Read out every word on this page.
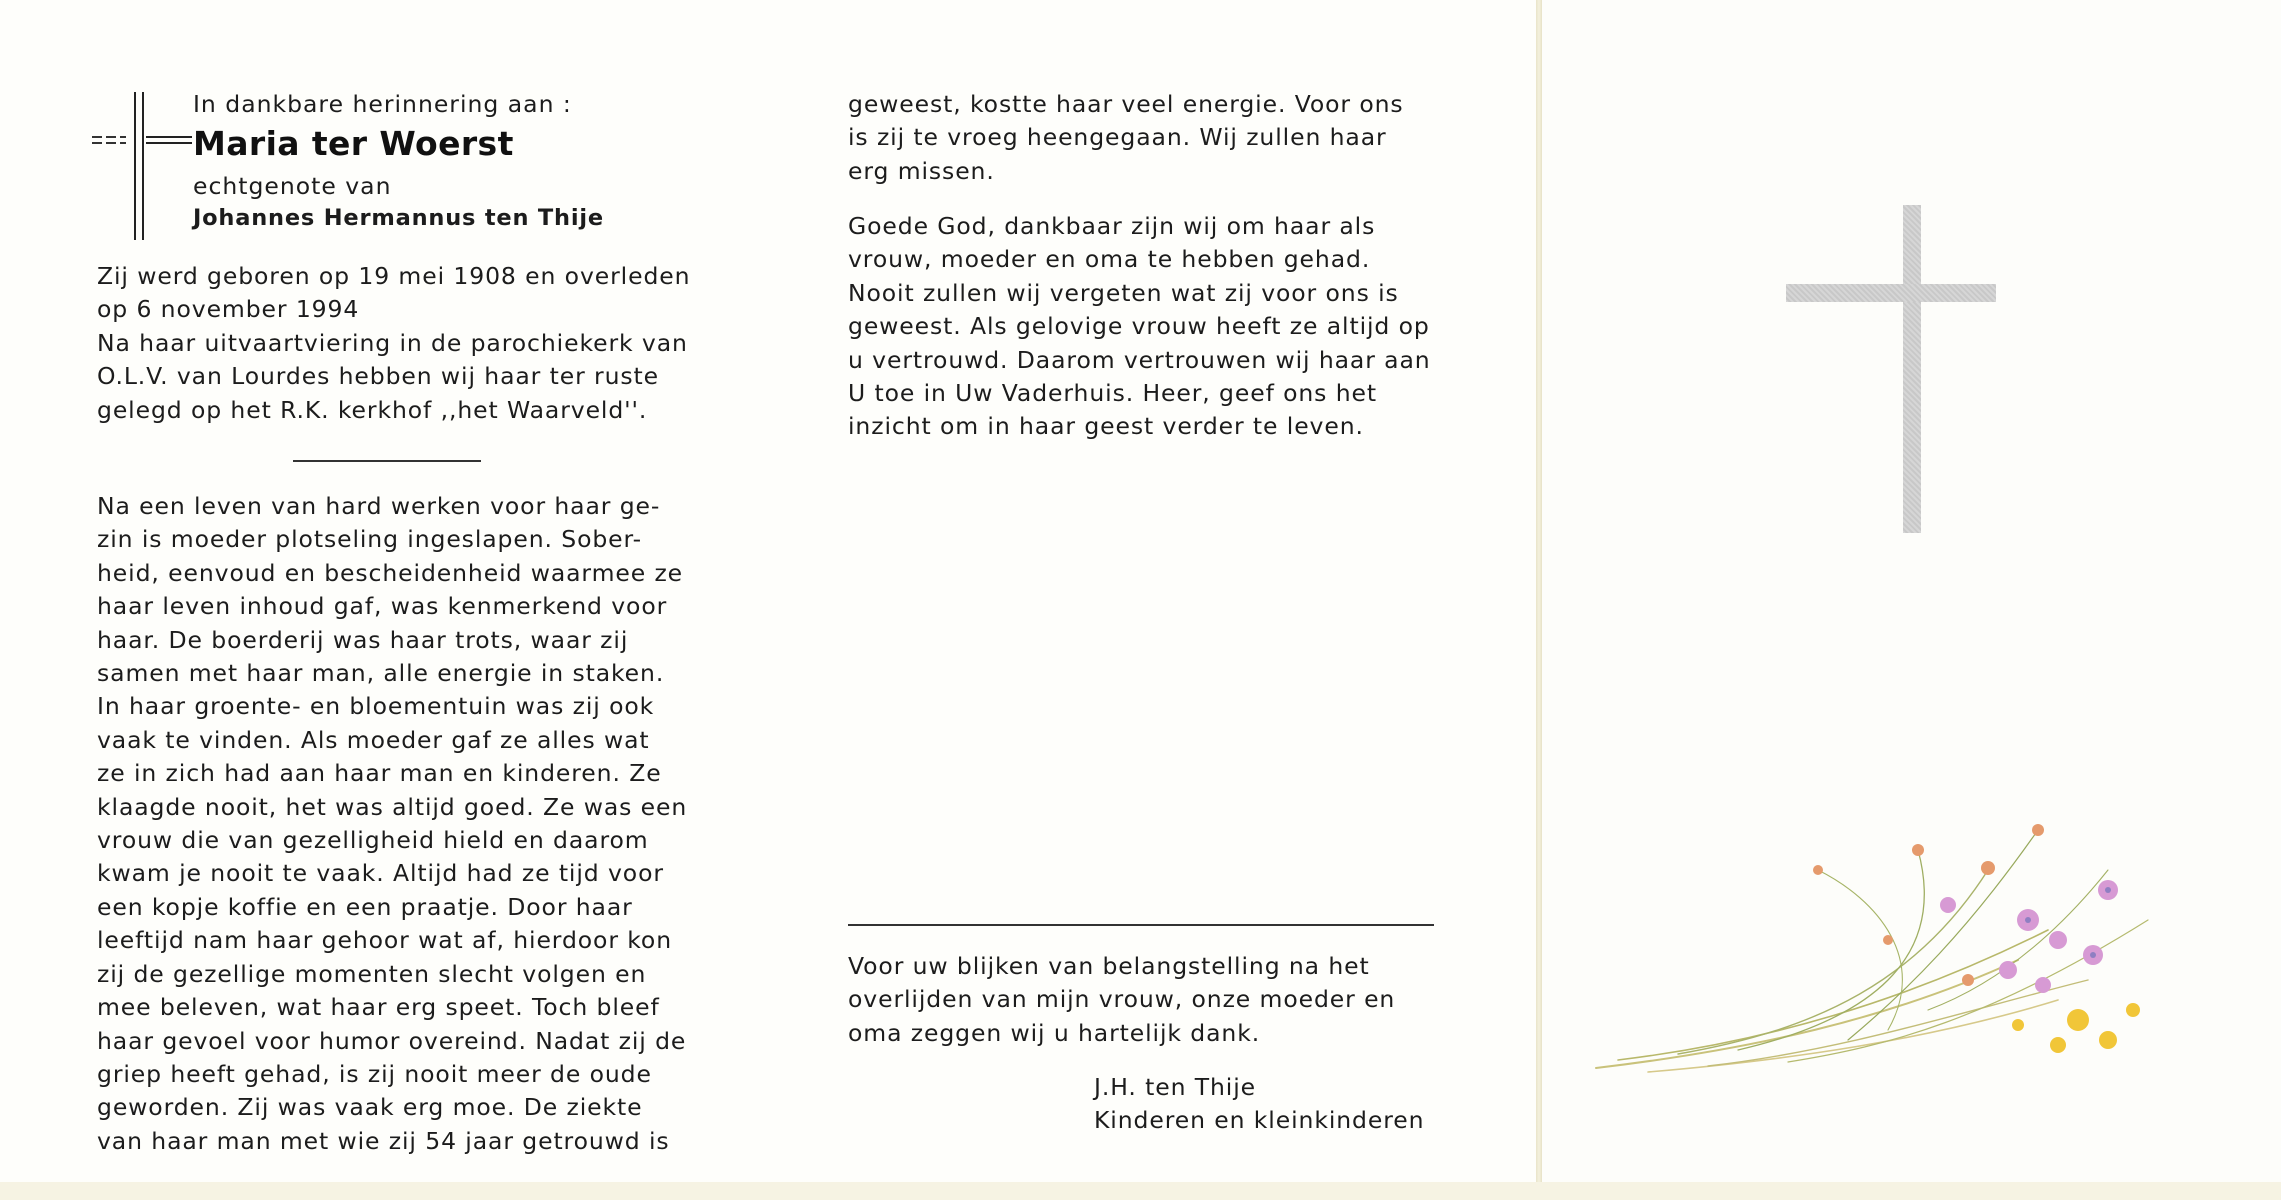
In dankbare herinnering aan :
Maria ter Woerst
echtgenote van
Johannes Hermannus ten Thije

Zij werd geboren op 19 mei 1908 en overleden

op 6 november 1994

Na haar uitvaartviering in de parochiekerk van

O.L.V. van Lourdes hebben wij haar ter ruste

gelegd op het R.K. kerkhof ,,het Waarveld''.

Na een leven van hard werken voor haar ge-

zin is moeder plotseling ingeslapen. Sober-

heid, eenvoud en bescheidenheid waarmee ze

haar leven inhoud gaf, was kenmerkend voor

haar. De boerderij was haar trots, waar zij

samen met haar man, alle energie in staken.

In haar groente- en bloementuin was zij ook

vaak te vinden. Als moeder gaf ze alles wat

ze in zich had aan haar man en kinderen. Ze

klaagde nooit, het was altijd goed. Ze was een

vrouw die van gezelligheid hield en daarom

kwam je nooit te vaak. Altijd had ze tijd voor

een kopje koffie en een praatje. Door haar

leeftijd nam haar gehoor wat af, hierdoor kon

zij de gezellige momenten slecht volgen en

mee beleven, wat haar erg speet. Toch bleef

haar gevoel voor humor overeind. Nadat zij de

griep heeft gehad, is zij nooit meer de oude

geworden. Zij was vaak erg moe. De ziekte

van haar man met wie zij 54 jaar getrouwd is

geweest, kostte haar veel energie. Voor ons

is zij te vroeg heengegaan. Wij zullen haar

erg missen.

Goede God, dankbaar zijn wij om haar als

vrouw, moeder en oma te hebben gehad.

Nooit zullen wij vergeten wat zij voor ons is

geweest. Als gelovige vrouw heeft ze altijd op

u vertrouwd. Daarom vertrouwen wij haar aan

U toe in Uw Vaderhuis. Heer, geef ons het

inzicht om in haar geest verder te leven.

Voor uw blijken van belangstelling na het

overlijden van mijn vrouw, onze moeder en

oma zeggen wij u hartelijk dank.

J.H. ten Thije

Kinderen en kleinkinderen
